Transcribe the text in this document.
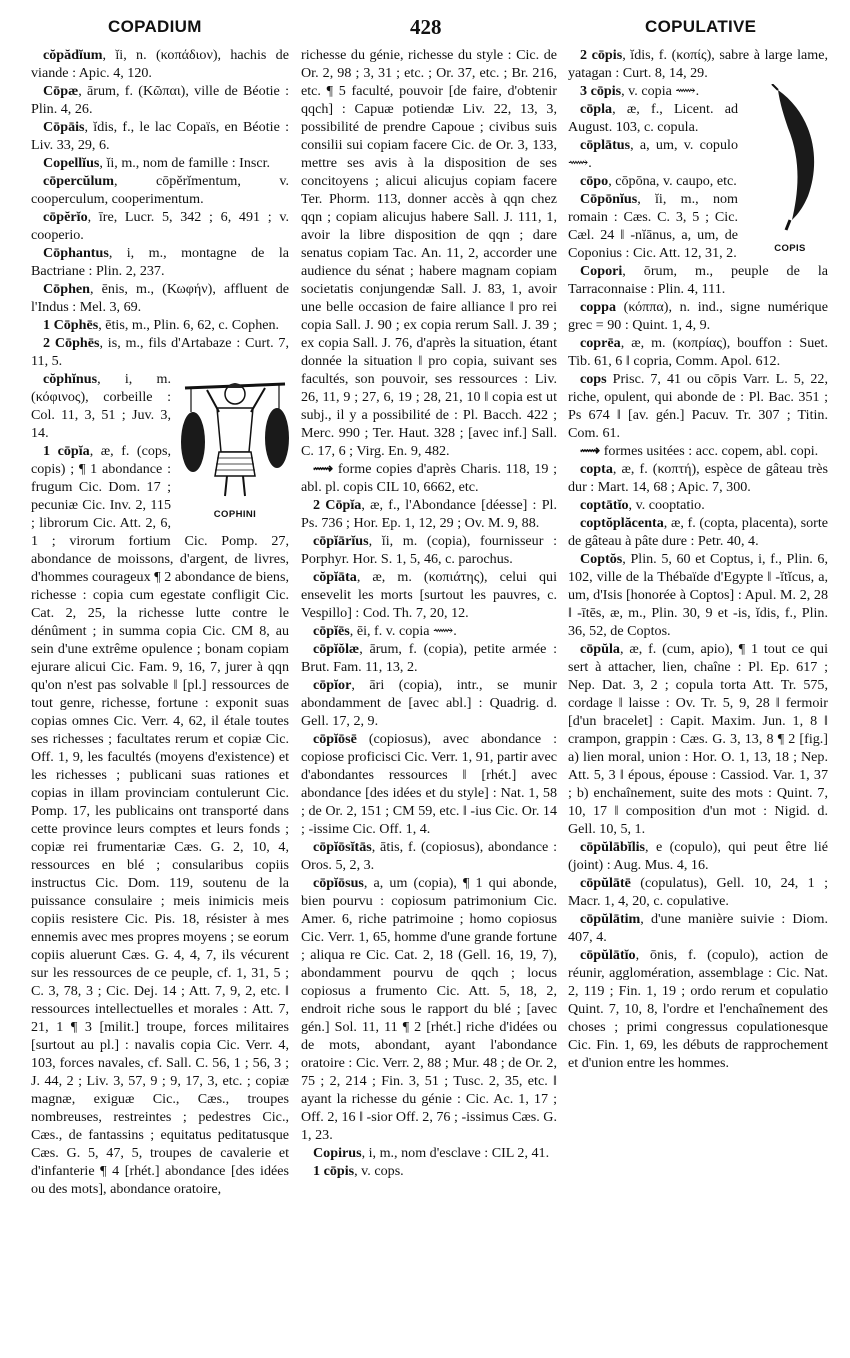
COPADIUM	428	COPULATIVE

cŏpădĭum, ĭi, n. (κοπάδιον), hachis de viande : Apic. 4, 120.

Cōpæ, ārum, f. (Κῶπαι), ville de Béotie : Plin. 4, 26.

Cōpāis, ĭdis, f., le lac Copaïs, en Béotie : Liv. 33, 29, 6.

Copellĭus, ĭi, m., nom de famille : Inscr.

cōpercŭlum, cōpĕrĭmentum, v. cooperculum, cooperimentum.

cōpĕrĭo, īre, Lucr. 5, 342 ; 6, 491 ; v. cooperio.

Cōphantus, i, m., montagne de la Bactriane : Plin. 2, 237.

Cōphen, ēnis, m., (Κωφήν), affluent de l'Indus : Mel. 3, 69.

1 Cōphēs, ētis, m., Plin. 6, 62, c. Cophen.

2 Cōphēs, is, m., fils d'Artabaze : Curt. 7, 11, 5.

COPHINI

cŏphĭnus, i, m. (κόφινος), corbeille : Col. 11, 3, 51 ; Juv. 3, 14.

1 cōpĭa, æ, f. (cops, copis) ; ¶ 1 abondance : frugum Cic. Dom. 17 ; pecuniæ Cic. Inv. 2, 115 ; librorum Cic. Att. 2, 6, 1 ; virorum fortium Cic. Pomp. 27, abondance de moissons, d'argent, de livres, d'hommes courageux ¶ 2 abondance de biens, richesse : copia cum egestate confligit Cic. Cat. 2, 25, la richesse lutte contre le dénûment ; in summa copia Cic. CM 8, au sein d'une extrême opulence ; bonam copiam ejurare alicui Cic. Fam. 9, 16, 7, jurer à qqn qu'on n'est pas solvable ‖ [pl.] ressources de tout genre, richesse, fortune : exponit suas copias omnes Cic. Verr. 4, 62, il étale toutes ses richesses ; facultates rerum et copiæ Cic. Off. 1, 9, les facultés (moyens d'existence) et les richesses ; publicani suas rationes et copias in illam provinciam contulerunt Cic. Pomp. 17, les publicains ont transporté dans cette province leurs comptes et leurs fonds ; copiæ rei frumentariæ Cæs. G. 2, 10, 4, ressources en blé ; consularibus copiis instructus Cic. Dom. 119, soutenu de la puissance consulaire ; meis inimicis meis copiis resistere Cic. Pis. 18, résister à mes ennemis avec mes propres moyens ; se eorum copiis aluerunt Cæs. G. 4, 4, 7, ils vécurent sur les ressources de ce peuple, cf. 1, 31, 5 ; C. 3, 78, 3 ; Cic. Dej. 14 ; Att. 7, 9, 2, etc. ‖ ressources intellectuelles et morales : Att. 7, 21, 1 ¶ 3 [milit.] troupe, forces militaires [surtout au pl.] : navalis copia Cic. Verr. 4, 103, forces navales, cf. Sall. C. 56, 1 ; 56, 3 ; J. 44, 2 ; Liv. 3, 57, 9 ; 9, 17, 3, etc. ; copiæ magnæ, exiguæ Cic., Cæs., troupes nombreuses, restreintes ; pedestres Cic., Cæs., de fantassins ; equitatus peditatusque Cæs. G. 5, 47, 5, troupes de cavalerie et d'infanterie ¶ 4 [rhét.] abondance [des idées ou des mots], abondance oratoire,

richesse du génie, richesse du style : Cic. de Or. 2, 98 ; 3, 31 ; etc. ; Or. 37, etc. ; Br. 216, etc. ¶ 5 faculté, pouvoir [de faire, d'obtenir qqch] : Capuæ potiendæ Liv. 22, 13, 3, possibilité de prendre Capoue ; civibus suis consilii sui copiam facere Cic. de Or. 3, 133, mettre ses avis à la disposition de ses concitoyens ; alicui alicujus copiam facere Ter. Phorm. 113, donner accès à qqn chez qqn ; copiam alicujus habere Sall. J. 111, 1, avoir la libre disposition de qqn ; dare senatus copiam Tac. An. 11, 2, accorder une audience du sénat ; habere magnam copiam societatis conjungendæ Sall. J. 83, 1, avoir une belle occasion de faire alliance ‖ pro rei copia Sall. J. 90 ; ex copia rerum Sall. J. 39 ; ex copia Sall. J. 76, d'après la situation, étant donnée la situation ‖ pro copia, suivant ses facultés, son pouvoir, ses ressources : Liv. 26, 11, 9 ; 27, 6, 19 ; 28, 21, 10 ‖ copia est ut subj., il y a possibilité de : Pl. Bacch. 422 ; Merc. 990 ; Ter. Haut. 328 ; [avec inf.] Sall. C. 17, 6 ; Virg. En. 9, 482.

⟿ forme copies d'après Charis. 118, 19 ; abl. pl. copis CIL 10, 6662, etc.

2 Cōpĭa, æ, f., l'Abondance [déesse] : Pl. Ps. 736 ; Hor. Ep. 1, 12, 29 ; Ov. M. 9, 88.

cōpĭārĭus, ĭi, m. (copia), fournisseur : Porphyr. Hor. S. 1, 5, 46, c. parochus.

cŏpĭāta, æ, m. (κοπιάτης), celui qui ensevelit les morts [surtout les pauvres, c. Vespillo] : Cod. Th. 7, 20, 12.

cōpĭēs, ēi, f. v. copia ⟿.

cōpĭŏlæ, ārum, f. (copia), petite armée : Brut. Fam. 11, 13, 2.

cōpĭor, āri (copia), intr., se munir abondamment de [avec abl.] : Quadrig. d. Gell. 17, 2, 9.

cōpĭōsē (copiosus), avec abondance : copiose proficisci Cic. Verr. 1, 91, partir avec d'abondantes ressources ‖ [rhét.] avec abondance [des idées et du style] : Nat. 1, 58 ; de Or. 2, 151 ; CM 59, etc. ‖ -ius Cic. Or. 14 ; -issime Cic. Off. 1, 4.

cōpĭōsĭtās, ātis, f. (copiosus), abondance : Oros. 5, 2, 3.

cōpĭōsus, a, um (copia), ¶ 1 qui abonde, bien pourvu : copiosum patrimonium Cic. Amer. 6, riche patrimoine ; homo copiosus Cic. Verr. 1, 65, homme d'une grande fortune ; aliqua re Cic. Cat. 2, 18 (Gell. 16, 19, 7), abondamment pourvu de qqch ; locus copiosus a frumento Cic. Att. 5, 18, 2, endroit riche sous le rapport du blé ; [avec gén.] Sol. 11, 11 ¶ 2 [rhét.] riche d'idées ou de mots, abondant, ayant l'abondance oratoire : Cic. Verr. 2, 88 ; Mur. 48 ; de Or. 2, 75 ; 2, 214 ; Fin. 3, 51 ; Tusc. 2, 35, etc. ‖ ayant la richesse du génie : Cic. Ac. 1, 17 ; Off. 2, 16 ‖ -sior Off. 2, 76 ; -issimus Cæs. G. 1, 23.

Copirus, i, m., nom d'esclave : CIL 2, 41.

1 cōpis, v. cops.

2 cōpis, ĭdis, f. (κοπίς), sabre à large lame, yatagan : Curt. 8, 14, 29.

COPIS

3 cōpis, v. copia ⟿.

cōpla, æ, f., Licent. ad August. 103, c. copula.

cōplātus, a, um, v. copulo ⟿.

cōpo, cōpōna, v. caupo, etc.

Cōpōnĭus, ĭi, m., nom romain : Cæs. C. 3, 5 ; Cic. Cæl. 24 ‖ -nĭānus, a, um, de Coponius : Cic. Att. 12, 31, 2.

Copori, ōrum, m., peuple de la Tarraconnaise : Plin. 4, 111.

coppa (κόππα), n. ind., signe numérique grec = 90 : Quint. 1, 4, 9.

coprēa, æ, m. (κοπρίας), bouffon : Suet. Tib. 61, 6 ‖ copria, Comm. Apol. 612.

cops Prisc. 7, 41 ou cōpis Varr. L. 5, 22, riche, opulent, qui abonde de : Pl. Bac. 351 ; Ps 674 ‖ [av. gén.] Pacuv. Tr. 307 ; Titin. Com. 61.

⟿ formes usitées : acc. copem, abl. copi.

copta, æ, f. (κοπτή), espèce de gâteau très dur : Mart. 14, 68 ; Apic. 7, 300.

coptātĭo, v. cooptatio.

coptŏplăcenta, æ, f. (copta, placenta), sorte de gâteau à pâte dure : Petr. 40, 4.

Coptŏs, Plin. 5, 60 et Coptus, i, f., Plin. 6, 102, ville de la Thébaïde d'Egypte ‖ -ĭtĭcus, a, um, d'Isis [honorée à Coptos] : Apul. M. 2, 28 ‖ -ītēs, æ, m., Plin. 30, 9 et -is, ĭdis, f., Plin. 36, 52, de Coptos.

cōpŭla, æ, f. (cum, apio), ¶ 1 tout ce qui sert à attacher, lien, chaîne : Pl. Ep. 617 ; Nep. Dat. 3, 2 ; copula torta Att. Tr. 575, cordage ‖ laisse : Ov. Tr. 5, 9, 28 ‖ fermoir [d'un bracelet] : Capit. Maxim. Jun. 1, 8 ‖ crampon, grappin : Cæs. G. 3, 13, 8 ¶ 2 [fig.] a) lien moral, union : Hor. O. 1, 13, 18 ; Nep. Att. 5, 3 ‖ épous, épouse : Cassiod. Var. 1, 37 ; b) enchaînement, suite des mots : Quint. 7, 10, 17 ‖ composition d'un mot : Nigid. d. Gell. 10, 5, 1.

cōpŭlābĭlis, e (copulo), qui peut être lié (joint) : Aug. Mus. 4, 16.

cōpŭlātē (copulatus), Gell. 10, 24, 1 ; Macr. 1, 4, 20, c. copulative.

cōpŭlātim, d'une manière suivie : Diom. 407, 4.

cōpŭlātĭo, ōnis, f. (copulo), action de réunir, agglomération, assemblage : Cic. Nat. 2, 119 ; Fin. 1, 19 ; ordo rerum et copulatio Quint. 7, 10, 8, l'ordre et l'enchaînement des choses ; primi congressus copulationesque Cic. Fin. 1, 69, les débuts de rapprochement et d'union entre les hommes.
